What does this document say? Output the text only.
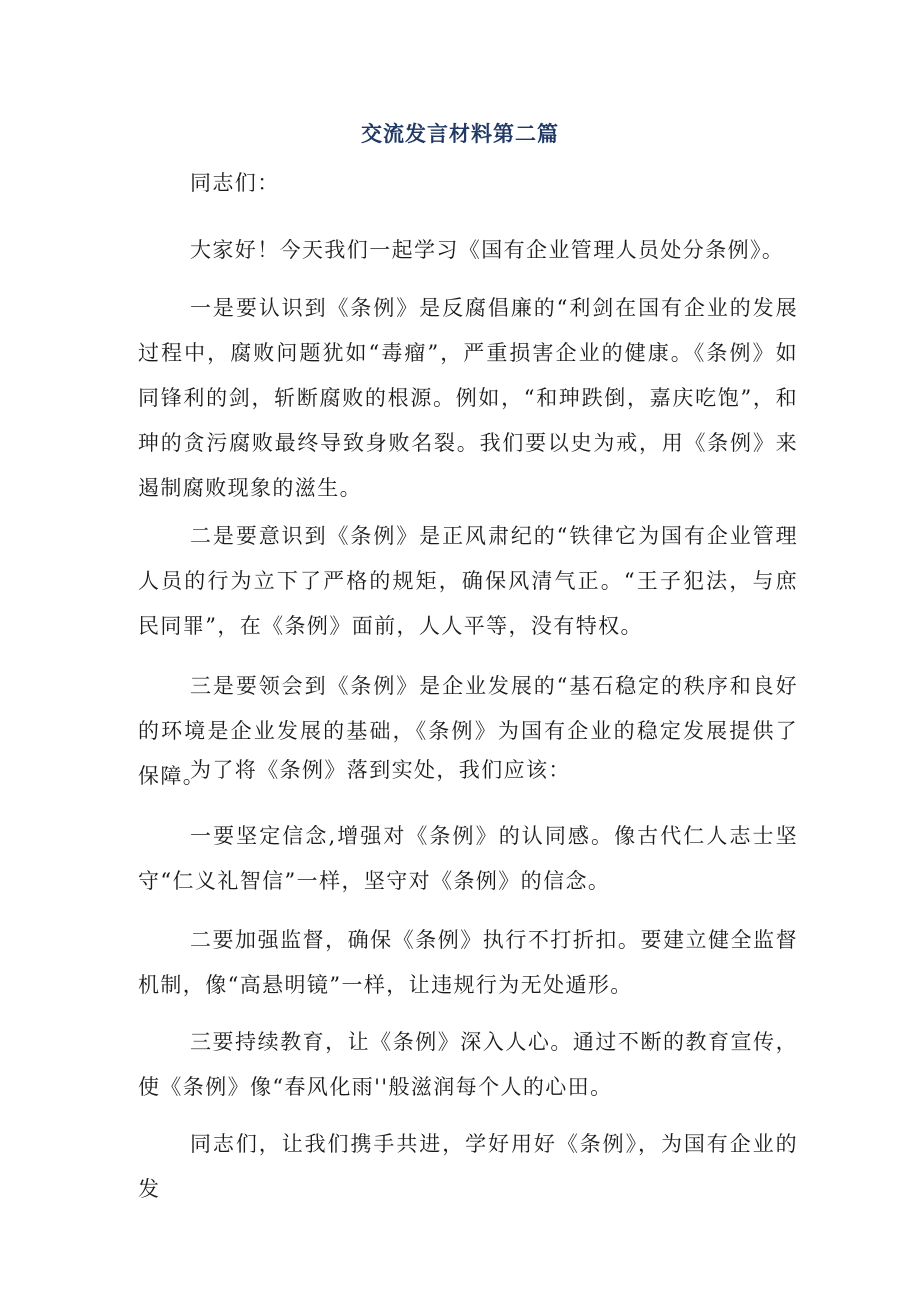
交流发言材料第二篇

同志们：

大家好！今天我们一起学习《国有企业管理人员处分条例》。

一是要认识到《条例》是反腐倡廉的“利剑在国有企业的发展过程中，腐败问题犹如“毒瘤”，严重损害企业的健康。《条例》如同锋利的剑，斩断腐败的根源。例如，“和珅跌倒，嘉庆吃饱”，和珅的贪污腐败最终导致身败名裂。我们要以史为戒，用《条例》来遏制腐败现象的滋生。

二是要意识到《条例》是正风肃纪的“铁律它为国有企业管理人员的行为立下了严格的规矩，确保风清气正。“王子犯法，与庶民同罪”，在《条例》面前，人人平等，没有特权。

三是要领会到《条例》是企业发展的“基石稳定的秩序和良好的环境是企业发展的基础，《条例》为国有企业的稳定发展提供了保障。

为了将《条例》落到实处，我们应该：

一要坚定信念,增强对《条例》的认同感。像古代仁人志士坚守“仁义礼智信”一样，坚守对《条例》的信念。

二要加强监督，确保《条例》执行不打折扣。要建立健全监督机制，像“高悬明镜”一样，让违规行为无处遁形。

三要持续教育，让《条例》深入人心。通过不断的教育宣传，使《条例》像“春风化雨''般滋润每个人的心田。

同志们，让我们携手共进，学好用好《条例》，为国有企业的发
